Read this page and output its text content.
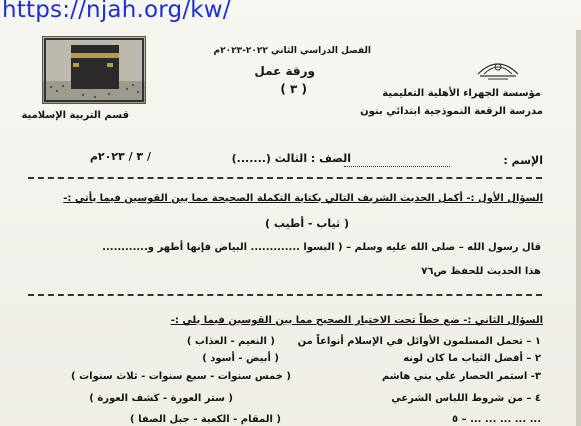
https://njah.org/kw/
الفصل الدراسي الثاني ٢٠٢٢-٢٠٢٣م
ورقة عمل
( ٣ )	مؤسسة الجهراء الأهلية التعليمية
مدرسة الرقعة النموذجية ابتدائي بنون
قسم التربية الإسلامية
الإسم :
الصف : الثالث (.......)
/ ٣ / ٢٠٢٣م
السؤال الأول :- أكمل الحديث الشريف التالي بكتابة التكملة الصحيحة مما بين القوسين فيما يأتي :-
( ثياب - أطيب )
قال رسول الله – صلى الله عليه وسلم – ( البسوا ............. البياض فإنها أطهر و............
هذا الحديث للحفظ ص٧٦
السؤال الثاني :- ضع خطاً تحت الاختيار الصحيح مما بين القوسين فيما يلي :-
١ – تحمل المسلمون الأوائل في الإسلام أنواعاً من
( النعيم - العذاب )
٢ – أفضل الثياب ما كان لونه
( أبيض - أسود )
٣- استمر الحصار علي بني هاشم
( خمس سنوات - سبع سنوات - ثلاث سنوات )
٤ – من شروط اللباس الشرعي
( ستر العورة - كشف العورة )
٥ – ... ... ... ... ...
( المقام - الكعبة - جبل الصفا )
